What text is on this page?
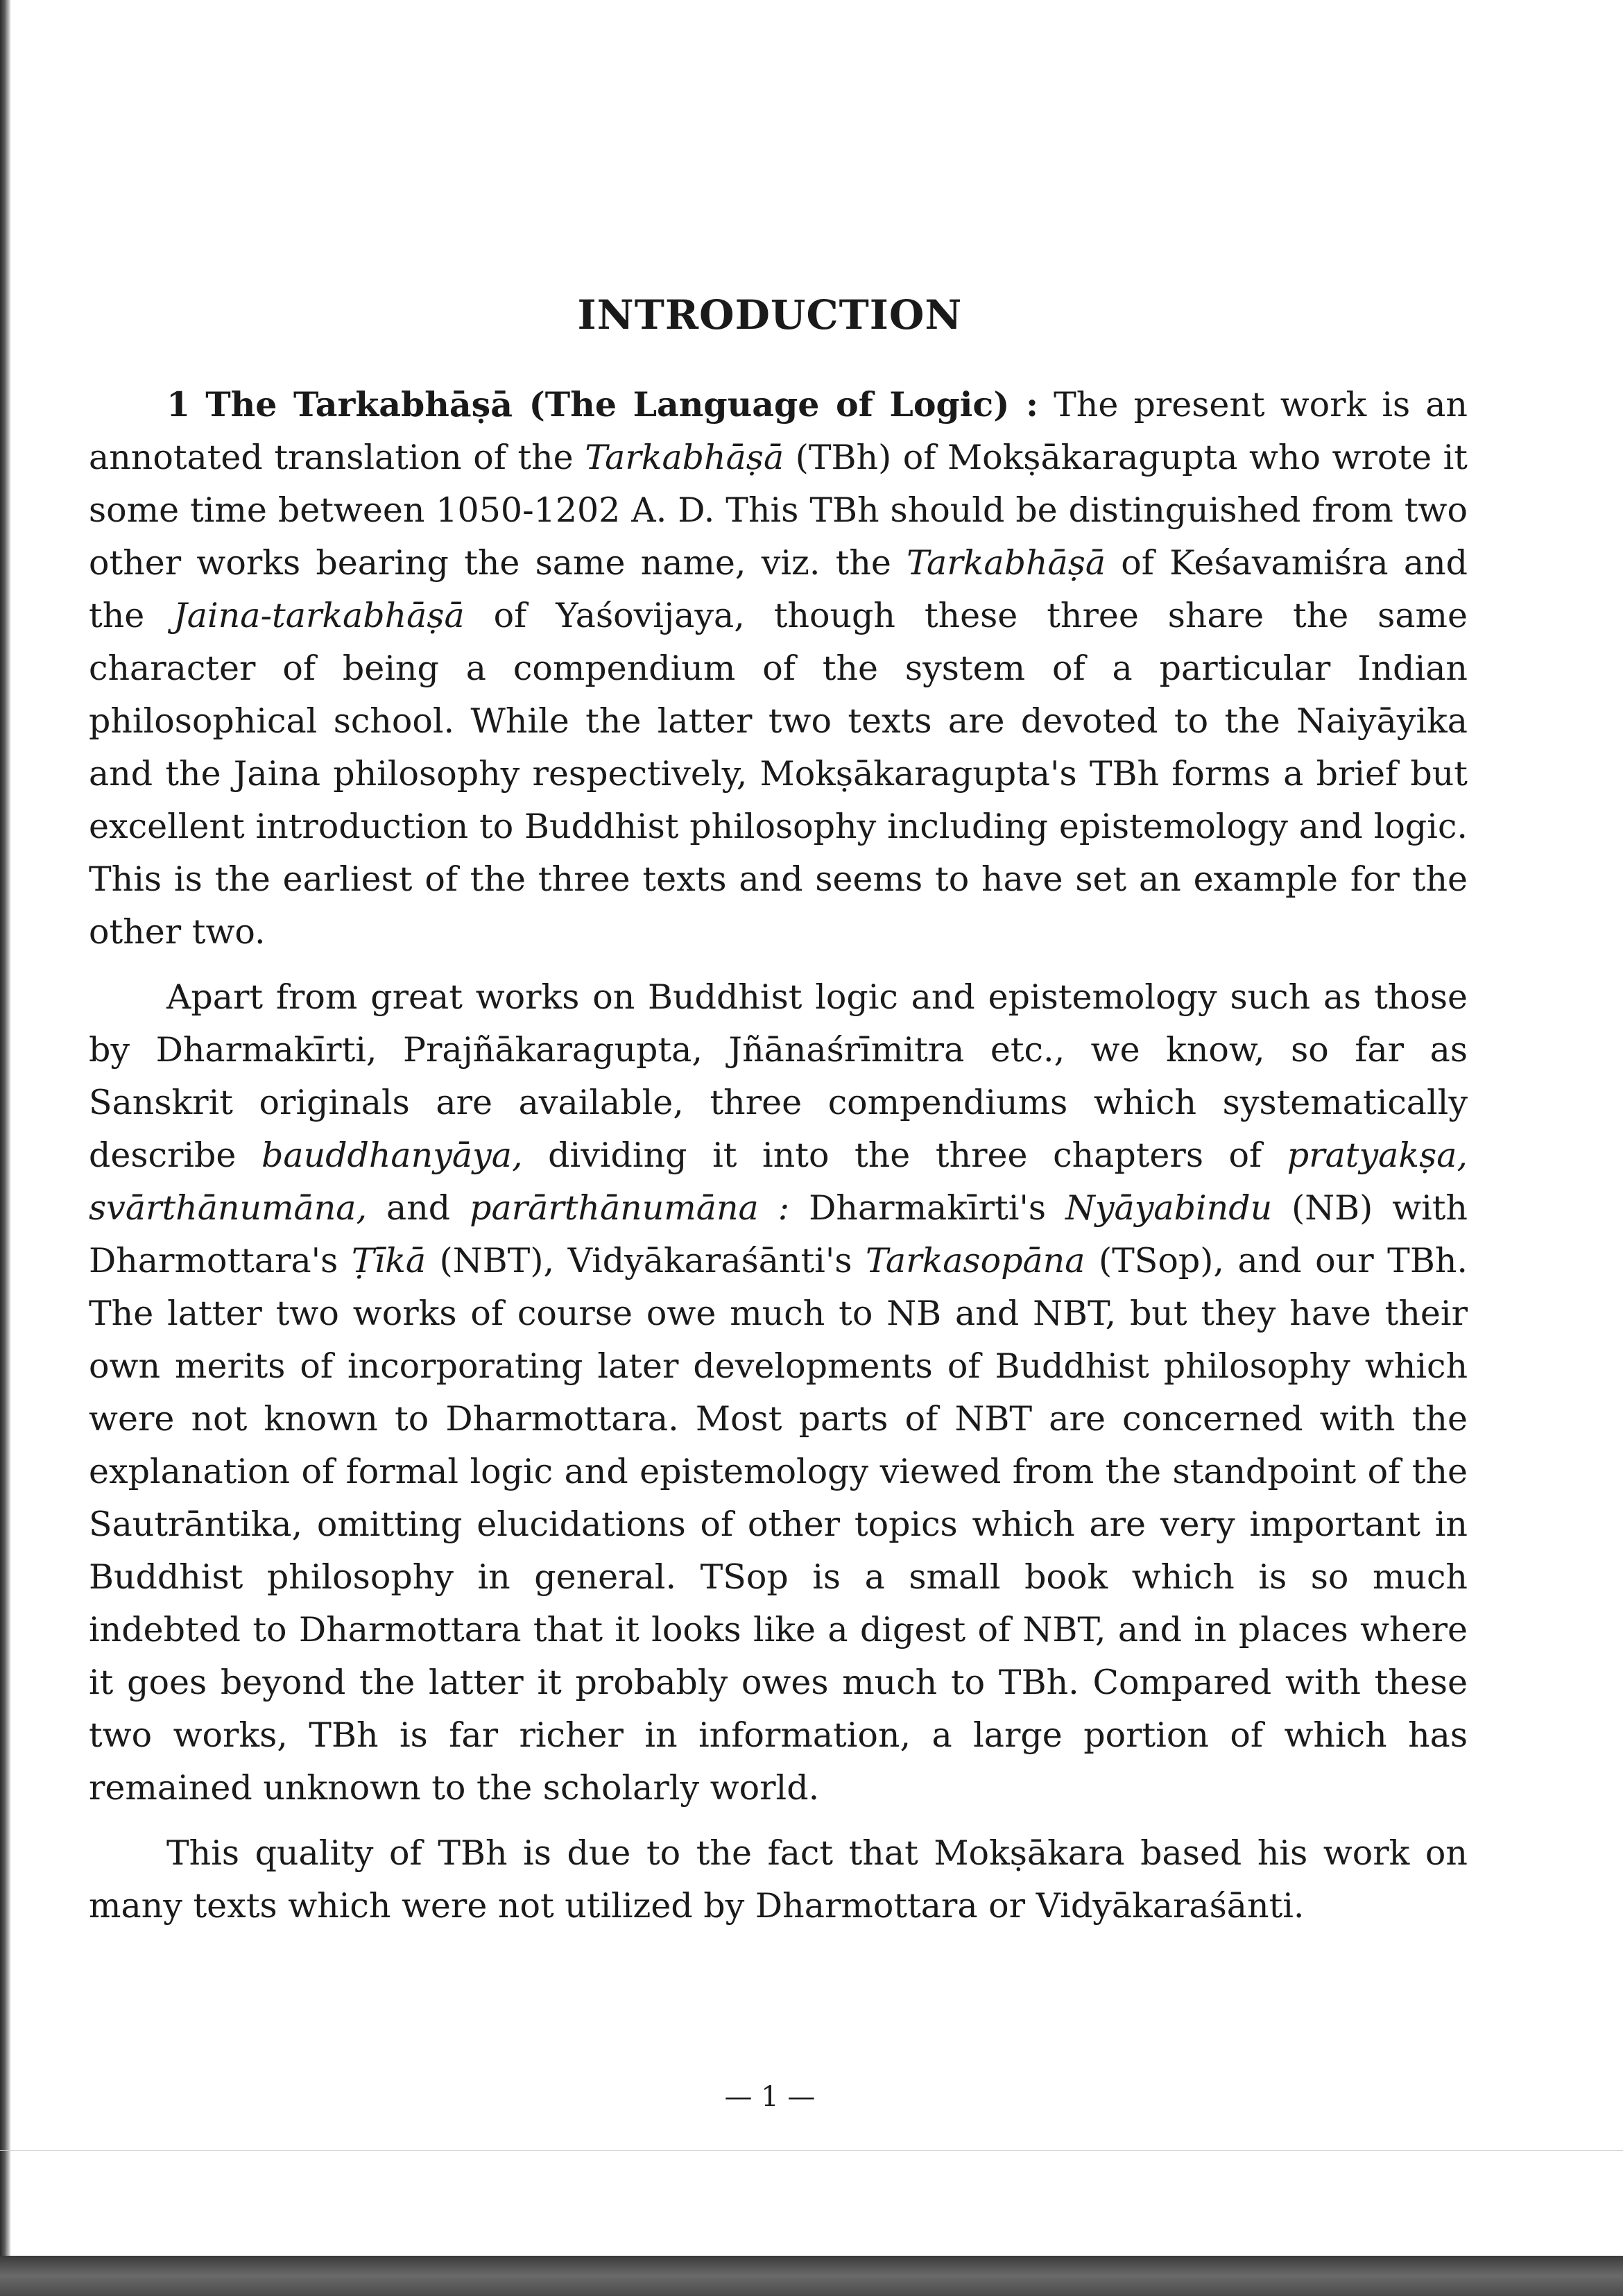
INTRODUCTION

1 The Tarkabhāṣā (The Language of Logic) : The present work is an annotated translation of the Tarkabhāṣā (TBh) of Mokṣākaragupta who wrote it some time between 1050-1202 A. D. This TBh should be distinguished from two other works bearing the same name, viz. the Tarkabhāṣā of Keśavamiśra and the Jaina-tarkabhāṣā of Yaśovijaya, though these three share the same character of being a compendium of the system of a particular Indian philosophical school. While the latter two texts are devoted to the Naiyāyika and the Jaina philosophy respectively, Mokṣākaragupta's TBh forms a brief but excellent introduction to Buddhist philosophy including epistemology and logic. This is the earliest of the three texts and seems to have set an example for the other two.

Apart from great works on Buddhist logic and epistemology such as those by Dharmakīrti, Prajñākaragupta, Jñānaśrīmitra etc., we know, so far as Sanskrit originals are available, three compendiums which systematically describe bauddhanyāya, dividing it into the three chapters of pratyakṣa, svārthānumāna, and parārthānumāna : Dharmakīrti's Nyāyabindu (NB) with Dharmottara's Ṭīkā (NBT), Vidyākaraśānti's Tarkasopāna (TSop), and our TBh. The latter two works of course owe much to NB and NBT, but they have their own merits of incorporating later developments of Buddhist philosophy which were not known to Dharmottara. Most parts of NBT are concerned with the explanation of formal logic and epistemology viewed from the standpoint of the Sautrāntika, omitting elucidations of other topics which are very important in Buddhist philosophy in general. TSop is a small book which is so much indebted to Dharmottara that it looks like a digest of NBT, and in places where it goes beyond the latter it probably owes much to TBh. Compared with these two works, TBh is far richer in information, a large portion of which has remained unknown to the scholarly world.

This quality of TBh is due to the fact that Mokṣākara based his work on many texts which were not utilized by Dharmottara or Vidyākaraśānti.

— 1 —
